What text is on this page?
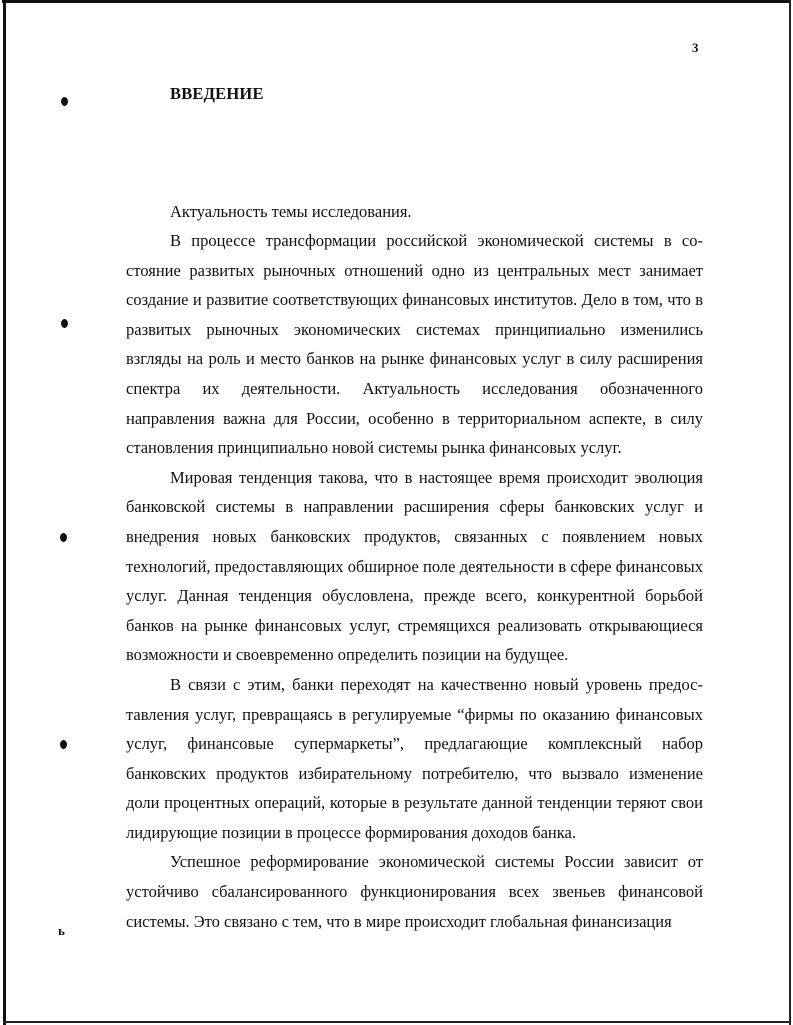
3
ВВЕДЕНИЕ
Актуальность темы исследования.

В процессе трансформации российской экономической системы в состояние развитых рыночных отношений одно из центральных мест занимает создание и развитие соответствующих финансовых институтов. Дело в том, что в развитых рыночных экономических системах принципиально изменились взгляды на роль и место банков на рынке финансовых услуг в силу расширения спектра их деятельности. Актуальность исследования обозначенного направления важна для России, особенно в территориальном аспекте, в силу становления принципиально новой системы рынка финансовых услуг.

Мировая тенденция такова, что в настоящее время происходит эволюция банковской системы в направлении расширения сферы банковских услуг и внедрения новых банковских продуктов, связанных с появлением новых технологий, предоставляющих обширное поле деятельности в сфере финансовых услуг. Данная тенденция обусловлена, прежде всего, конкурентной борьбой банков на рынке финансовых услуг, стремящихся реализовать открывающиеся возможности и своевременно определить позиции на будущее.

В связи с этим, банки переходят на качественно новый уровень предоставления услуг, превращаясь в регулируемые “фирмы по оказанию финансовых услуг, финансовые супермаркеты”, предлагающие комплексный набор банковских продуктов избирательному потребителю, что вызвало изменение доли процентных операций, которые в результате данной тенденции теряют свои лидирующие позиции в процессе формирования доходов банка.

Успешное реформирование экономической системы России зависит от устойчиво сбалансированного функционирования всех звеньев финансовой системы. Это связано с тем, что в мире происходит глобальная финансизация

ь
